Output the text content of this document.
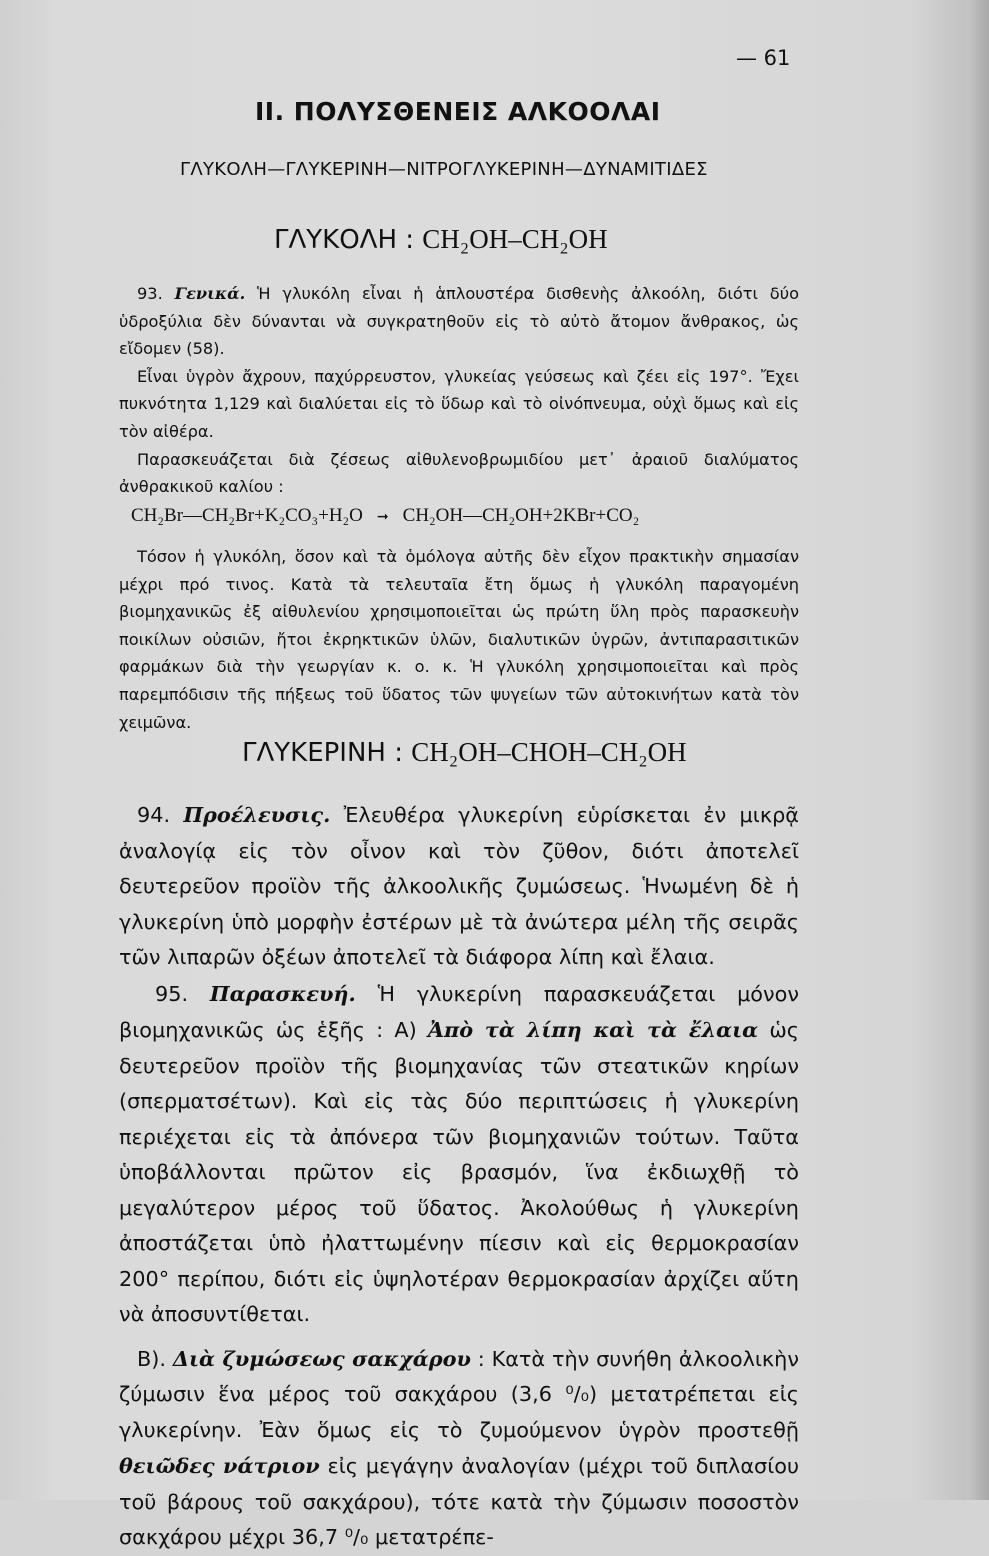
— 61
II. ΠΟΛΥΣΘΕΝΕΙΣ ΑΛΚΟΟΛΑΙ
ΓΛΥΚΟΛΗ—ΓΛΥΚΕΡΙΝΗ—ΝΙΤΡΟΓΛΥΚΕΡΙΝΗ—ΔΥΝΑΜΙΤΙΔΕΣ
ΓΛΥΚΟΛΗ : CH₂OH–CH₂OH

93. Γενικά. Ἡ γλυκόλη εἶναι ἡ ἁπλουστέρα δισθενὴς ἀλκοόλη, διότι δύο ὑδροξύλια δὲν δύνανται νὰ συγκρατηθοῦν εἰς τὸ αὐτὸ ἄτομον ἄνθρακος, ὡς εἴδομεν (58).

Εἶναι ὑγρὸν ἄχρουν, παχύρρευστον, γλυκείας γεύσεως καὶ ζέει εἰς 197°. Ἔχει πυκνότητα 1,129 καὶ διαλύεται εἰς τὸ ὕδωρ καὶ τὸ οἰνόπνευμα, οὐχὶ ὅμως καὶ εἰς τὸν αἰθέρα.

Παρασκευάζεται διὰ ζέσεως αἰθυλενοβρωμιδίου μετ᾽ ἀραιοῦ διαλύματος ἀνθρακικοῦ καλίου :

CH₂Br—CH₂Br+K₂CO₃+H₂O ➞ CH₂OH—CH₂OH+2KBr+CO₂

Τόσον ἡ γλυκόλη, ὅσον καὶ τὰ ὁμόλογα αὐτῆς δὲν εἶχον πρακτικὴν σημασίαν μέχρι πρό τινος. Κατὰ τὰ τελευταῖα ἔτη ὅμως ἡ γλυκόλη παραγομένη βιομηχανικῶς ἐξ αἰθυλενίου χρησιμοποιεῖται ὡς πρώτη ὕλη πρὸς παρασκευὴν ποικίλων οὐσιῶν, ἤτοι ἐκρηκτικῶν ὑλῶν, διαλυτικῶν ὑγρῶν, ἀντιπαρασιτικῶν φαρμάκων διὰ τὴν γεωργίαν κ. ο. κ. Ἡ γλυκόλη χρησιμοποιεῖται καὶ πρὸς παρεμπόδισιν τῆς πήξεως τοῦ ὕδατος τῶν ψυγείων τῶν αὐτοκινήτων κατὰ τὸν χειμῶνα.

ΓΛΥΚΕΡΙΝΗ : CH₂OH–CHOH–CH₂OH

94. Προέλευσις. Ἐλευθέρα γλυκερίνη εὑρίσκεται ἐν μικρᾷ ἀναλογίᾳ εἰς τὸν οἶνον καὶ τὸν ζῦθον, διότι ἀποτελεῖ δευτερεῦον προϊὸν τῆς ἀλκοολικῆς ζυμώσεως. Ἡνωμένη δὲ ἡ γλυκερίνη ὑπὸ μορφὴν ἐστέρων μὲ τὰ ἀνώτερα μέλη τῆς σειρᾶς τῶν λιπαρῶν ὀξέων ἀποτελεῖ τὰ διάφορα λίπη καὶ ἔλαια.

95. Παρασκευή. Ἡ γλυκερίνη παρασκευάζεται μόνον βιομηχανικῶς ὡς ἑξῆς : Α) Ἀπὸ τὰ λίπη καὶ τὰ ἔλαια ὡς δευτερεῦον προϊὸν τῆς βιομηχανίας τῶν στεατικῶν κηρίων (σπερματσέτων). Καὶ εἰς τὰς δύο περιπτώσεις ἡ γλυκερίνη περιέχεται εἰς τὰ ἀπόνερα τῶν βιομηχανιῶν τούτων. Ταῦτα ὑποβάλλονται πρῶτον εἰς βρασμόν, ἵνα ἐκδιωχθῇ τὸ μεγαλύτερον μέρος τοῦ ὕδατος. Ἀκολούθως ἡ γλυκερίνη ἀποστάζεται ὑπὸ ἠλαττωμένην πίεσιν καὶ εἰς θερμοκρασίαν 200° περίπου, διότι εἰς ὑψηλοτέραν θερμοκρασίαν ἀρχίζει αὕτη νὰ ἀποσυντίθεται.

Β). Διὰ ζυμώσεως σακχάρου : Κατὰ τὴν συνήθη ἀλκοολικὴν ζύμωσιν ἕνα μέρος τοῦ σακχάρου (3,6 ⁰/₀) μετατρέπεται εἰς γλυκερίνην. Ἐὰν ὅμως εἰς τὸ ζυμούμενον ὑγρὸν προστεθῇ θειῶδες νάτριον εἰς μεγάγην ἀναλογίαν (μέχρι τοῦ διπλασίου τοῦ βάρους τοῦ σακχάρου), τότε κατὰ τὴν ζύμωσιν ποσοστὸν σακχάρου μέχρι 36,7 ⁰/₀ μετατρέπε-
